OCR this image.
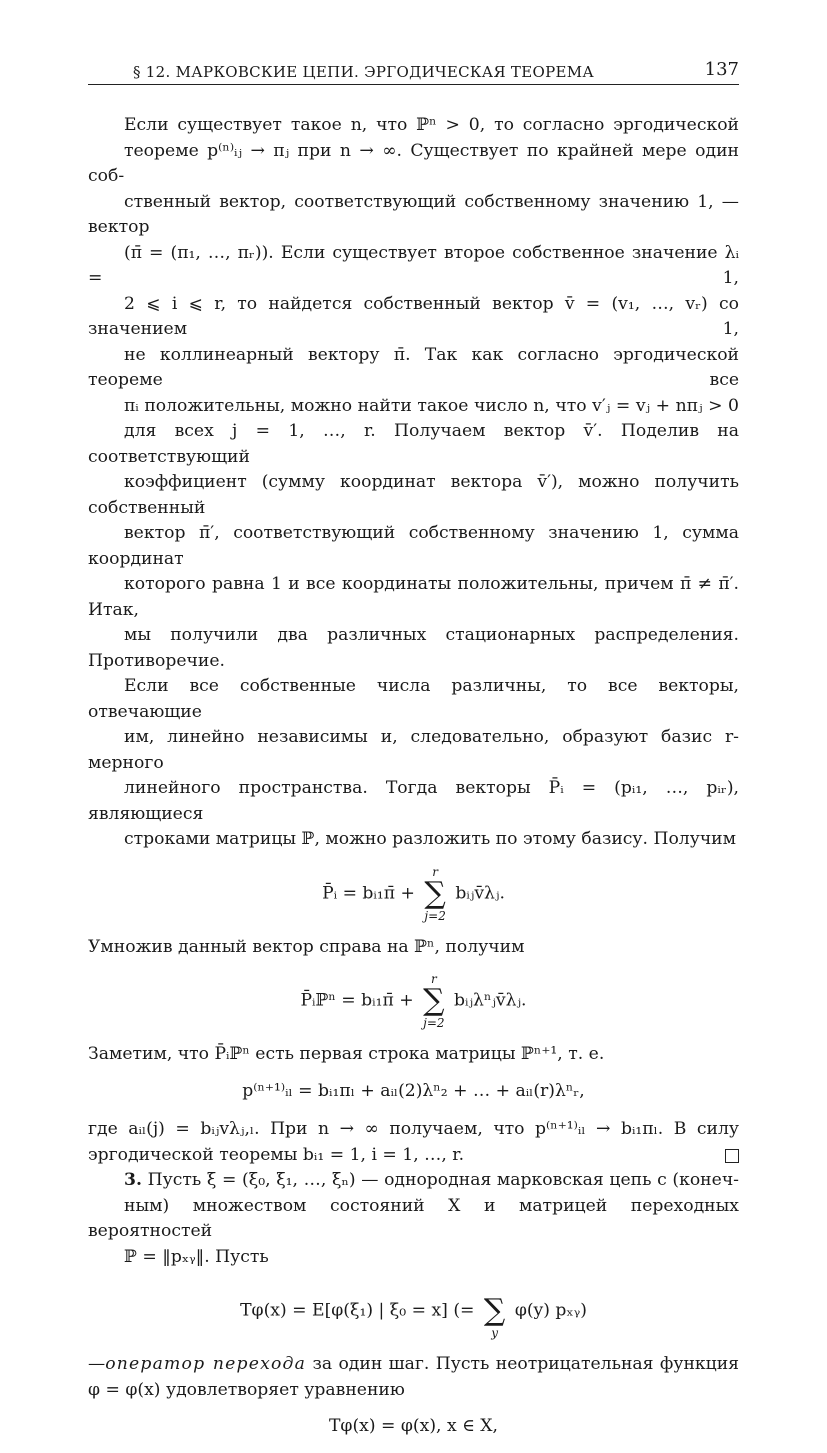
§ 12. МАРКОВСКИЕ ЦЕПИ. ЭРГОДИЧЕСКАЯ ТЕОРЕМА	137

Если существует такое n, что ℙⁿ > 0, то согласно эргодической
теореме p⁽ⁿ⁾ᵢⱼ → πⱼ при n → ∞. Существует по крайней мере один соб-
ственный вектор, соответствующий собственному значению 1, — вектор
(π̄ = (π₁, …, πᵣ)). Если существует второе собственное значение λᵢ = 1,
2 ⩽ i ⩽ r, то найдется собственный вектор v̄ = (v₁, …, vᵣ) со значением 1,
не коллинеарный вектору π̄. Так как согласно эргодической теореме все
πᵢ положительны, можно найти такое число n, что v′ⱼ = vⱼ + nπⱼ > 0
для всех j = 1, …, r. Получаем вектор v̄′. Поделив на соответствующий
коэффициент (сумму координат вектора v̄′), можно получить собственный
вектор π̄′, соответствующий собственному значению 1, сумма координат
которого равна 1 и все координаты положительны, причем π̄ ≠ π̄′. Итак,
мы получили два различных стационарных распределения. Противоречие.

Если все собственные числа различны, то все векторы, отвечающие
им, линейно независимы и, следовательно, образуют базис r-мерного
линейного пространства. Тогда векторы P̄ᵢ = (pᵢ₁, …, pᵢᵣ), являющиеся
строками матрицы ℙ, можно разложить по этому базису. Получим

P̄ᵢ = bᵢ₁π̄ +
r
∑
j=2
bᵢⱼv̄λⱼ.

Умножив данный вектор справа на ℙⁿ, получим

P̄ᵢℙⁿ = bᵢ₁π̄ +
r
∑
j=2
bᵢⱼλⁿⱼv̄λⱼ.

Заметим, что P̄ᵢℙⁿ есть первая строка матрицы ℙⁿ⁺¹, т. е.

p⁽ⁿ⁺¹⁾ᵢₗ = bᵢ₁πₗ + aᵢₗ(2)λⁿ₂ + … + aᵢₗ(r)λⁿᵣ,

где aᵢₗ(j) = bᵢⱼvλⱼ,ₗ. При n → ∞ получаем, что p⁽ⁿ⁺¹⁾ᵢₗ → bᵢ₁πₗ. В силу
эргодической теоремы bᵢ₁ = 1, i = 1, …, r.

3. Пусть ξ = (ξ₀, ξ₁, …, ξₙ) — однородная марковская цепь с (конеч-
ным) множеством состояний X и матрицей переходных вероятностей
ℙ = ‖pₓᵧ‖. Пусть

Tφ(x) = E[φ(ξ₁) | ξ₀ = x] (=
∑
y
φ(y) pₓᵧ)

—оператор перехода за один шаг. Пусть неотрицательная функция
φ = φ(x) удовлетворяет уравнению

Tφ(x) = φ(x), x ∈ X,
